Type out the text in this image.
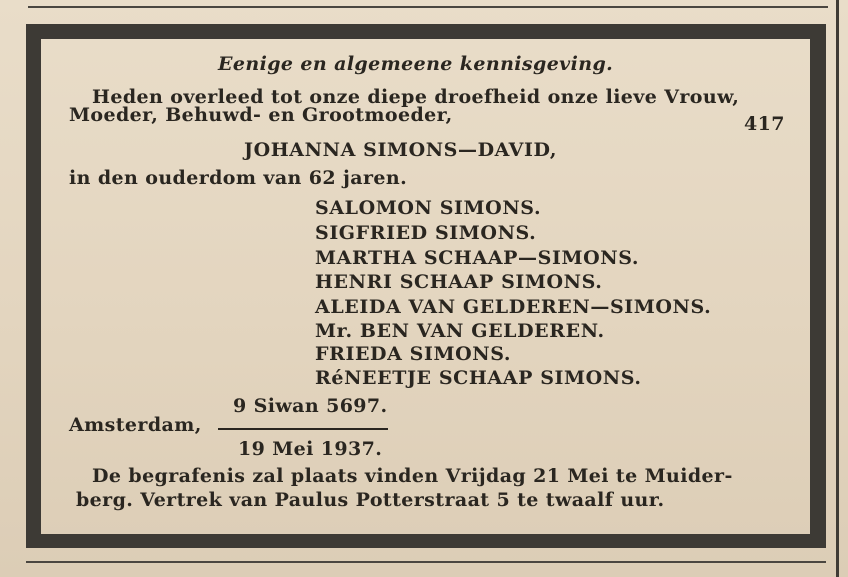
Eenige en algemeene kennisgeving.

Heden overleed tot onze diepe droefheid onze lieve Vrouw,

Moeder, Behuwd- en Grootmoeder,	417

JOHANNA SIMONS—DAVID,

in den ouderdom van 62 jaren.

SALOMON SIMONS.

SIGFRIED SIMONS.

MARTHA SCHAAP—SIMONS.

HENRI SCHAAP SIMONS.

ALEIDA VAN GELDEREN—SIMONS.

Mr. BEN VAN GELDEREN.

FRIEDA SIMONS.

RéNEETJE SCHAAP SIMONS.

9 Siwan 5697.

Amsterdam,

19 Mei 1937.

De begrafenis zal plaats vinden Vrijdag 21 Mei te Muider-

berg. Vertrek van Paulus Potterstraat 5 te twaalf uur.
